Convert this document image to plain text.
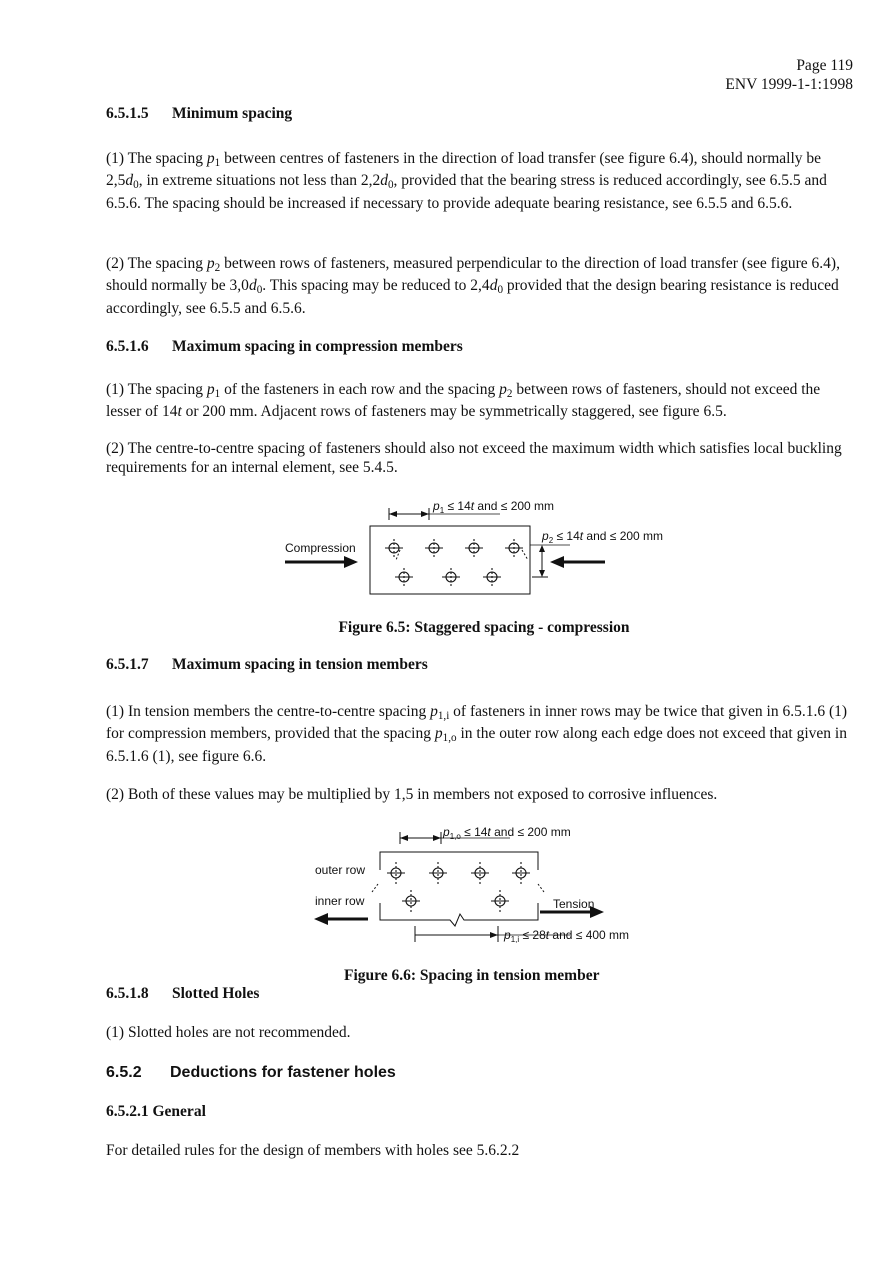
Page 119
ENV 1999-1-1:1998
6.5.1.5 Minimum spacing
(1) The spacing $p_1$ between centres of fasteners in the direction of load transfer (see figure 6.4), should normally be $2,5d_0$, in extreme situations not less than $2,2d_0$, provided that the bearing stress is reduced accordingly, see 6.5.5 and 6.5.6. The spacing should be increased if necessary to provide adequate bearing resistance, see 6.5.5 and 6.5.6.
(2) The spacing $p_2$ between rows of fasteners, measured perpendicular to the direction of load transfer (see figure 6.4), should normally be $3,0d_0$. This spacing may be reduced to $2,4d_0$ provided that the design bearing resistance is reduced accordingly, see 6.5.5 and 6.5.6.
6.5.1.6 Maximum spacing in compression members
(1) The spacing $p_1$ of the fasteners in each row and the spacing $p_2$ between rows of fasteners, should not exceed the lesser of 14t or 200 mm. Adjacent rows of fasteners may be symmetrically staggered, see figure 6.5.
(2) The centre-to-centre spacing of fasteners should also not exceed the maximum width which satisfies local buckling requirements for an internal element, see 5.4.5.
$p_1 \le 14t$ and ≤ 200 mm
$p_2 \le 14t$ and ≤ 200 mm
Compression
Figure 6.5: Staggered spacing - compression
6.5.1.7 Maximum spacing in tension members
(1) In tension members the centre-to-centre spacing $p_{1,i}$ of fasteners in inner rows may be twice that given in 6.5.1.6 (1) for compression members, provided that the spacing $p_{1,o}$ in the outer row along each edge does not exceed that given in 6.5.1.6 (1), see figure 6.6.
(2) Both of these values may be multiplied by 1,5 in members not exposed to corrosive influences.
$p_{1,o} \le 14t$ and ≤ 200 mm
$p_{1,i} \le 28t$ and ≤ 400 mm
outer row
inner row	Tension
Figure 6.6: Spacing in tension member
6.5.1.8 Slotted Holes
(1) Slotted holes are not recommended.
6.5.2 Deductions for fastener holes
6.5.2.1 General
For detailed rules for the design of members with holes see 5.6.2.2
